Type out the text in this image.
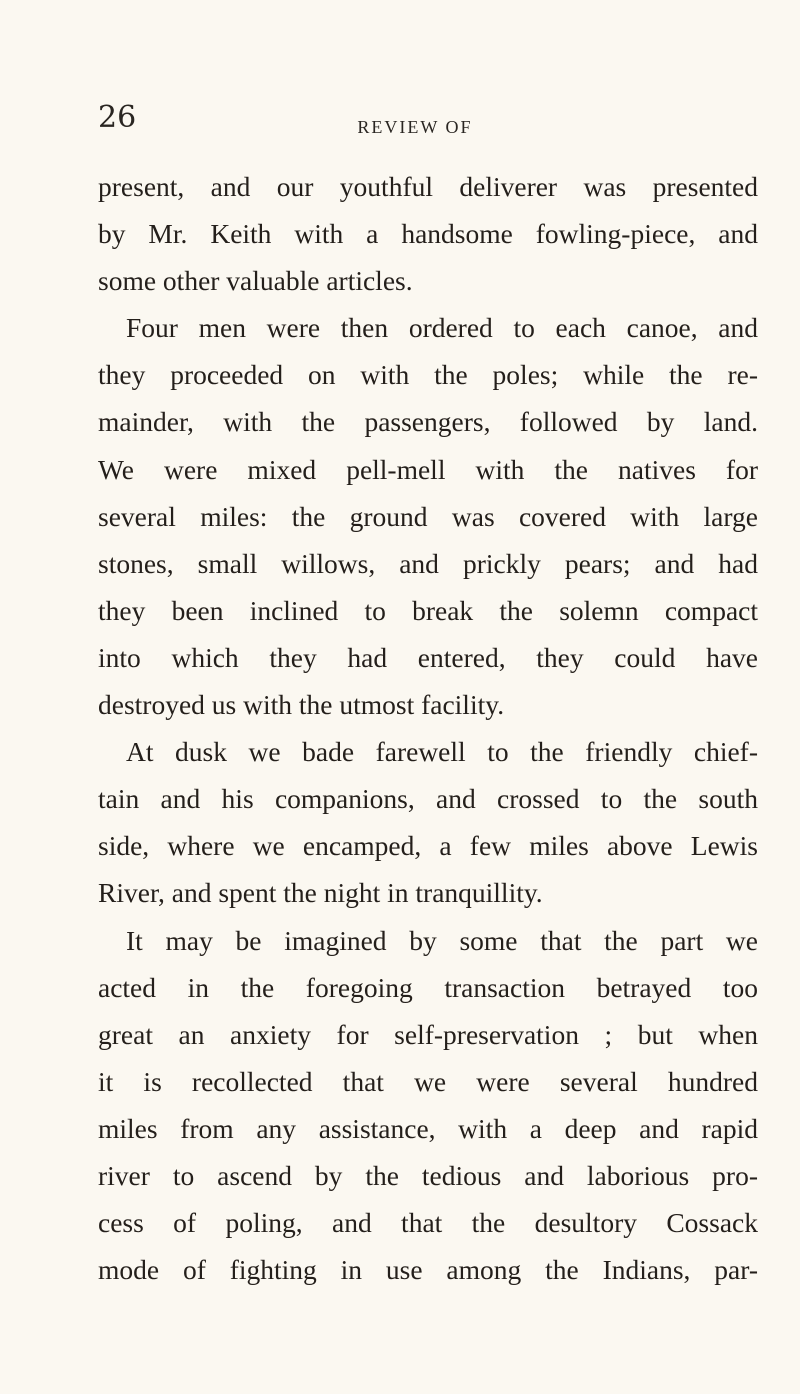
26	REVIEW OF
present, and our youthful deliverer was presented
by Mr. Keith with a handsome fowling-piece, and
some other valuable articles.
Four men were then ordered to each canoe, and
they proceeded on with the poles; while the re-
mainder, with the passengers, followed by land.
We were mixed pell-mell with the natives for
several miles: the ground was covered with large
stones, small willows, and prickly pears; and had
they been inclined to break the solemn compact
into which they had entered, they could have
destroyed us with the utmost facility.
At dusk we bade farewell to the friendly chief-
tain and his companions, and crossed to the south
side, where we encamped, a few miles above Lewis
River, and spent the night in tranquillity.
It may be imagined by some that the part we
acted in the foregoing transaction betrayed too
great an anxiety for self-preservation ; but when
it is recollected that we were several hundred
miles from any assistance, with a deep and rapid
river to ascend by the tedious and laborious pro-
cess of poling, and that the desultory Cossack
mode of fighting in use among the Indians, par-
